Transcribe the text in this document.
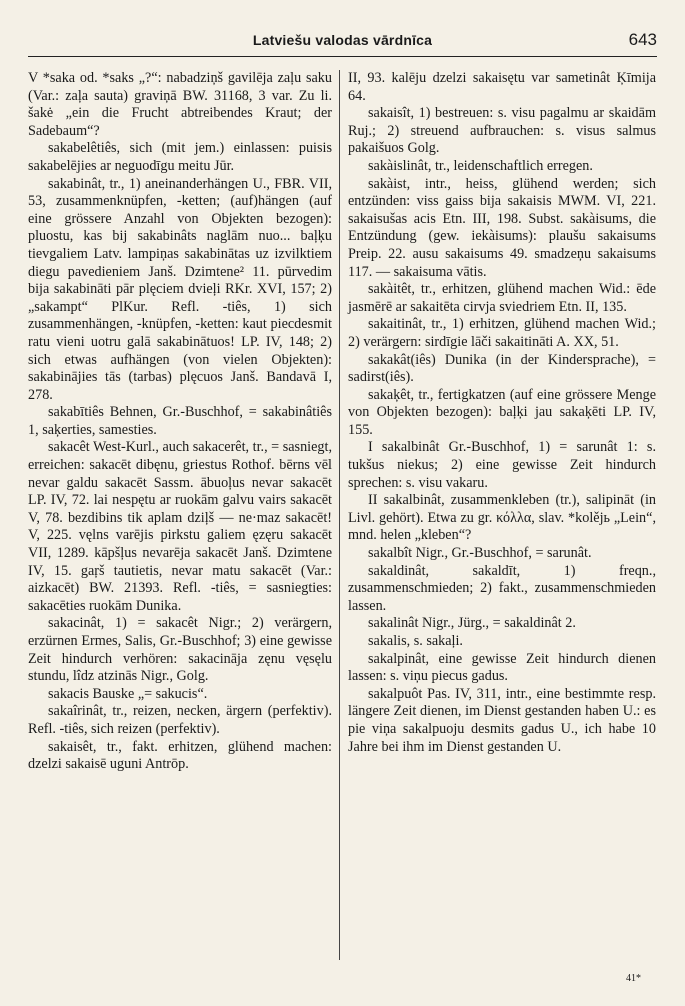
Latviešu valodas vārdnīca	643

V *saka od. *saks „?“: nabadziņš gavilēja zaļu saku (Var.: zaļa sauta) graviņā BW. 31168, 3 var. Zu li. šakė „ein die Frucht abtreibendes Kraut; der Sadebaum“?

sakabelêtiês, sich (mit jem.) einlassen: puisis sakabelējies ar neguodīgu meitu Jūr.

sakabinât, tr., 1) aneinanderhängen U., FBR. VII, 53, zusammenknüpfen, -ketten; (auf)hängen (auf eine grössere Anzahl von Objekten bezogen): pluostu, kas bij sakabinâts naglām nuo... baļķu tievgaliem Latv. lampiņas sakabinātas uz izvilktiem diegu pavedieniem Janš. Dzimtene² 11. pūrvedim bija sakabināti pār plęciem dvieļi RKr. XVI, 157; 2) „sakampt“ PlKur. Refl. -tiês, 1) sich zusammenhängen, -knüpfen, -ketten: kaut piecdesmit ratu vieni uotru galā sakabinātuos! LP. IV, 148; 2) sich etwas aufhängen (von vielen Objekten): sakabinājies tās (tarbas) plęcuos Janš. Bandavā I, 278.

sakabītiês Behnen, Gr.-Buschhof, = sakabinâtiês 1, saķerties, samesties.

sakacêt West-Kurl., auch sakacerêt, tr., = sasniegt, erreichen: sakacēt dibęnu, griestus Rothof. bērns vēl nevar galdu sakacēt Sassm. ābuoļus nevar sakacēt LP. IV, 72. lai nespętu ar ruokām galvu vairs sakacēt V, 78. bezdibins tik aplam dziļš — ne·maz sakacēt! V, 225. vęlns varējis pirkstu galiem ęzęru sakacēt VII, 1289. kāpšļus nevarēja sakacēt Janš. Dzimtene IV, 15. gaŗš tautietis, nevar matu sakacēt (Var.: aizkacēt) BW. 21393. Refl. -tiês, = sasniegties: sakacēties ruokām Dunika.

sakacinât, 1) = sakacêt Nigr.; 2) verärgern, erzürnen Ermes, Salis, Gr.-Buschhof; 3) eine gewisse Zeit hindurch verhören: sakacināja zęnu vęsęlu stundu, lîdz atzinās Nigr., Golg.

sakacis Bauske „= sakucis“.

sakaîrinât, tr., reizen, necken, ärgern (perfektiv). Refl. -tiês, sich reizen (perfektiv).

sakaisêt, tr., fakt. erhitzen, glühend machen: dzelzi sakaisē uguni Antrōp.

II, 93. kalēju dzelzi sakaisętu var sametinât Ķīmija 64.

sakaisît, 1) bestreuen: s. visu pagalmu ar skaidām Ruj.; 2) streuend aufbrauchen: s. visus salmus pakaišuos Golg.

sakàislinât, tr., leidenschaftlich erregen.

sakàist, intr., heiss, glühend werden; sich entzünden: viss gaiss bija sakaisis MWM. VI, 221. sakaisušas acis Etn. III, 198. Subst. sakàisums, die Entzündung (gew. iekàisums): plaušu sakaisums Preip. 22. ausu sakaisums 49. smadzeņu sakaisums 117. — sakaisuma vātis.

sakàitêt, tr., erhitzen, glühend machen Wid.: ēde jasmērē ar sakaitēta cirvja sviedriem Etn. II, 135.

sakaitinât, tr., 1) erhitzen, glühend machen Wid.; 2) verärgern: sirdīgie lāči sakaitināti A. XX, 51.

sakakât(iês) Dunika (in der Kindersprache), = sadirst(iês).

sakaķêt, tr., fertigkatzen (auf eine grössere Menge von Objekten bezogen): baļķi jau sakaķēti LP. IV, 155.

I sakalbinât Gr.-Buschhof, 1) = sarunât 1: s. tukšus niekus; 2) eine gewisse Zeit hindurch sprechen: s. visu vakaru.

II sakalbinât, zusammenkleben (tr.), salipināt (in Livl. gehört). Etwa zu gr. κόλλα, slav. *kolějь „Lein“, mnd. helen „kleben“?

sakalbît Nigr., Gr.-Buschhof, = sarunât.

sakaldinât, sakaldīt, 1) freqn., zusammenschmieden; 2) fakt., zusammenschmieden lassen.

sakalinât Nigr., Jürg., = sakaldinât 2.

sakalis, s. sakaļi.

sakalpinât, eine gewisse Zeit hindurch dienen lassen: s. viņu piecus gadus.

sakalpuôt Pas. IV, 311, intr., eine bestimmte resp. längere Zeit dienen, im Dienst gestanden haben U.: es pie viņa sakalpuoju desmits gadus U., ich habe 10 Jahre bei ihm im Dienst gestanden U.

41*
